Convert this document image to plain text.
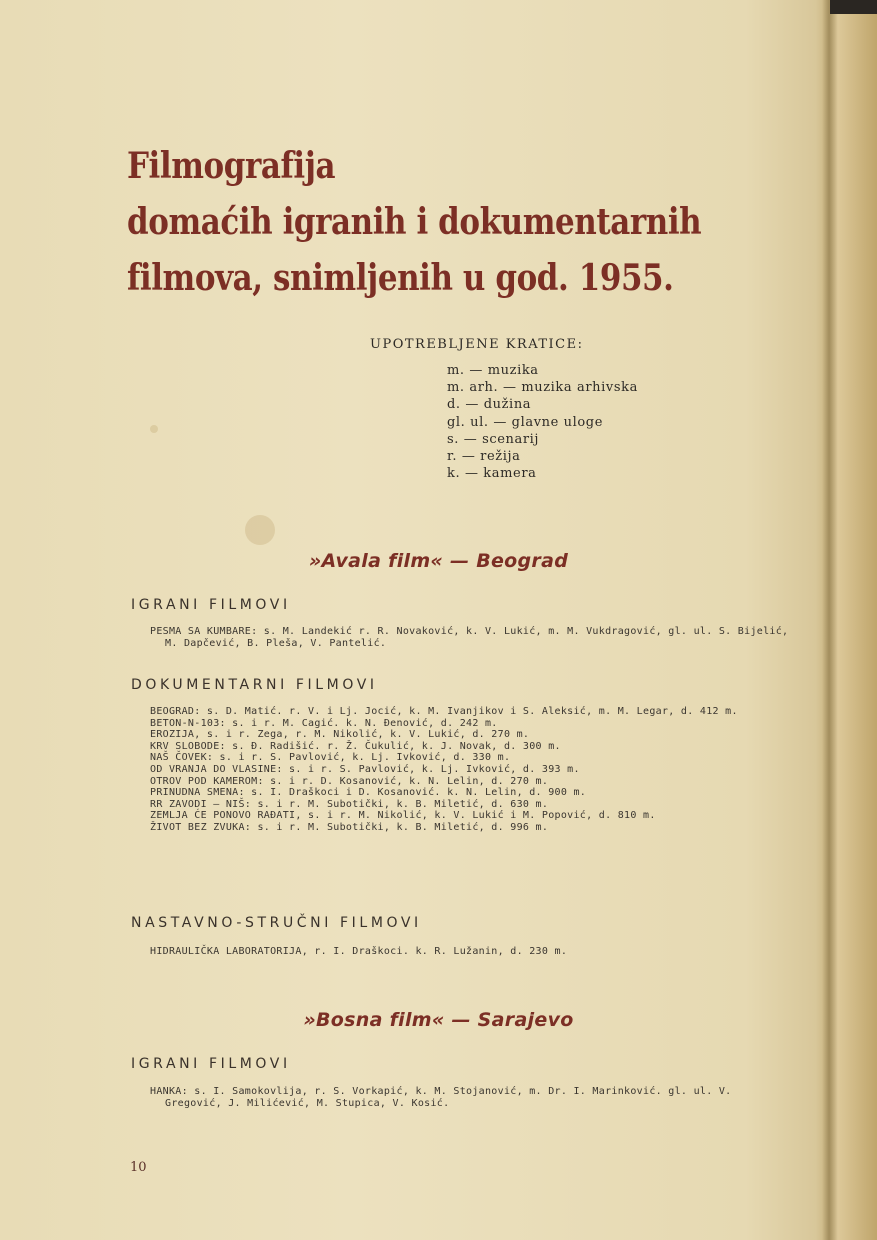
Filmografija
domaćih igranih i dokumentarnih
filmova, snimljenih u god. 1955.
UPOTREBLJENE KRATICE:
m. — muzika
m. arh. — muzika arhivska
d. — dužina
gl. ul. — glavne uloge
s. — scenarij
r. — režija
k. — kamera
»Avala film« — Beograd
IGRANI FILMOVI
PESMA SA KUMBARE: s. M. Landekić r. R. Novaković, k. V. Lukić, m. M. Vukdragović, gl. ul. S. Bijelić, M. Dapčević, B. Pleša, V. Pantelić.
DOKUMENTARNI FILMOVI
BEOGRAD: s. D. Matić. r. V. i Lj. Jocić, k. M. Ivanjikov i S. Aleksić, m. M. Legar, d. 412 m.
BETON-N-103: s. i r. M. Cagić. k. N. Đenović, d. 242 m.
EROZIJA, s. i r. Zega, r. M. Nikolić, k. V. Lukić, d. 270 m.
KRV SLOBODE: s. Đ. Radišić. r. Ž. Čukulić, k. J. Novak, d. 300 m.
NAŠ ČOVEK: s. i r. S. Pavlović, k. Lj. Ivković, d. 330 m.
OD VRANJA DO VLASINE: s. i r. S. Pavlović, k. Lj. Ivković, d. 393 m.
OTROV POD KAMEROM: s. i r. D. Kosanović, k. N. Lelin, d. 270 m.
PRINUDNA SMENA: s. I. Draškoci i D. Kosanović. k. N. Lelin, d. 900 m.
RR ZAVODI — NIŠ: s. i r. M. Subotički, k. B. Miletić, d. 630 m.
ZEMLJA ĆE PONOVO RAĐATI, s. i r. M. Nikolić, k. V. Lukić i M. Popović, d. 810 m.
ŽIVOT BEZ ZVUKA: s. i r. M. Subotički, k. B. Miletić, d. 996 m.
NASTAVNO-STRUČNI FILMOVI
HIDRAULIČKA LABORATORIJA, r. I. Draškoci. k. R. Lužanin, d. 230 m.
»Bosna film« — Sarajevo
IGRANI FILMOVI
HANKA: s. I. Samokovlija, r. S. Vorkapić, k. M. Stojanović, m. Dr. I. Marinković. gl. ul. V. Gregović, J. Milićević, M. Stupica, V. Kosić.
10
